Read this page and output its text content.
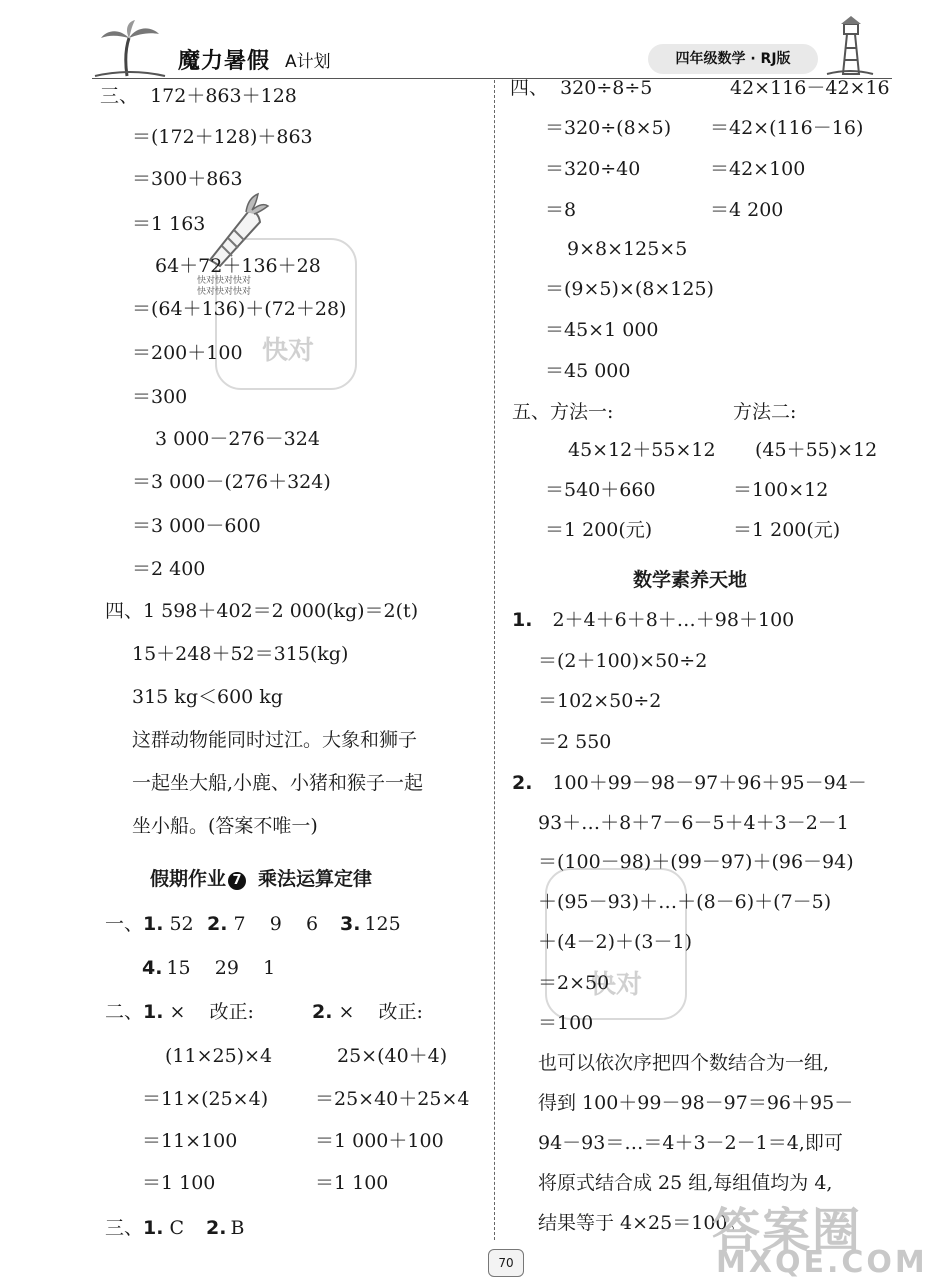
魔力暑假 A计划	四年级数学 · RJ版
快对
快对
快对快对快对
快对快对快对
三、  172＋863＋128
＝(172＋128)＋863
＝300＋863
＝1 163
64＋72＋136＋28
＝(64＋136)＋(72＋28)
＝200＋100
＝300
3 000－276－324
＝3 000－(276＋324)
＝3 000－600
＝2 400
四、1 598＋402＝2 000(kg)＝2(t)
15＋248＋52＝315(kg)
315 kg＜600 kg
这群动物能同时过江。大象和狮子
一起坐大船,小鹿、小猪和猴子一起
坐小船。(答案不唯一)
假期作业 7 乘法运算定律
一、1. 52 2. 7    9    6 3. 125
4. 15    29    1
二、1. ×    改正:	2. ×    改正:
(11×25)×4	25×(40＋4)
＝11×(25×4) ＝25×40＋25×4
＝11×100	＝1 000＋100
＝1 100	＝1 100
三、1. C 2. B
四、  320÷8÷5	42×116－42×16
＝320÷(8×5) ＝42×(116－16)
＝320÷40	＝42×100
＝8	＝4 200
9×8×125×5
＝(9×5)×(8×125)
＝45×1 000
＝45 000
五、方法一:	方法二:
45×12＋55×12 (45＋55)×12
＝540＋660	＝100×12
＝1 200(元)	＝1 200(元)
数学素养天地
1. 2＋4＋6＋8＋…＋98＋100
＝(2＋100)×50÷2
＝102×50÷2
＝2 550
2. 100＋99－98－97＋96＋95－94－
93＋…＋8＋7－6－5＋4＋3－2－1
＝(100－98)＋(99－97)＋(96－94)
＋(95－93)＋…＋(8－6)＋(7－5)
＋(4－2)＋(3－1)
＝2×50
＝100
也可以依次序把四个数结合为一组,
得到 100＋99－98－97＝96＋95－
94－93＝…＝4＋3－2－1＝4,即可
将原式结合成 25 组,每组值均为 4,
结果等于 4×25＝100。
答案圈
MXQE.COM
70
